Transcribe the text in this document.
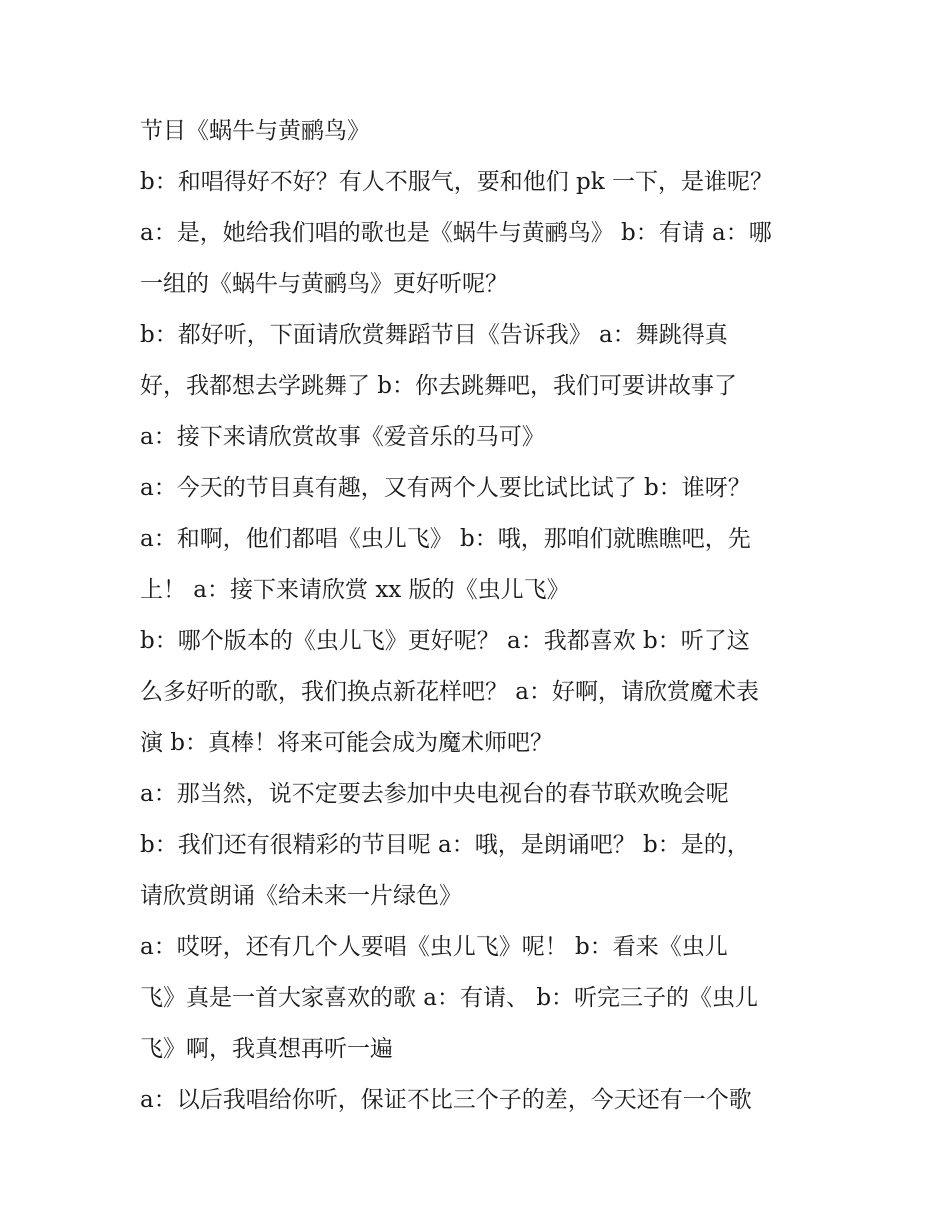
节目《蜗牛与黄鹂鸟》

b：和唱得好不好？有人不服气，要和他们 pk 一下，是谁呢？

a：是，她给我们唱的歌也是《蜗牛与黄鹂鸟》 b：有请 a：哪

一组的《蜗牛与黄鹂鸟》更好听呢？

b：都好听，下面请欣赏舞蹈节目《告诉我》 a：舞跳得真

好，我都想去学跳舞了 b：你去跳舞吧，我们可要讲故事了

a：接下来请欣赏故事《爱音乐的马可》

a：今天的节目真有趣，又有两个人要比试比试了 b：谁呀？

a：和啊，他们都唱《虫儿飞》 b：哦，那咱们就瞧瞧吧，先

上！ a：接下来请欣赏 xx 版的《虫儿飞》

b：哪个版本的《虫儿飞》更好呢？ a：我都喜欢 b：听了这

么多好听的歌，我们换点新花样吧？ a：好啊，请欣赏魔术表

演 b：真棒！将来可能会成为魔术师吧？

a：那当然，说不定要去参加中央电视台的春节联欢晚会呢

b：我们还有很精彩的节目呢 a：哦，是朗诵吧？ b：是的，

请欣赏朗诵《给未来一片绿色》

a：哎呀，还有几个人要唱《虫儿飞》呢！ b：看来《虫儿

飞》真是一首大家喜欢的歌 a：有请、 b：听完三子的《虫儿

飞》啊，我真想再听一遍

a：以后我唱给你听，保证不比三个子的差，今天还有一个歌
